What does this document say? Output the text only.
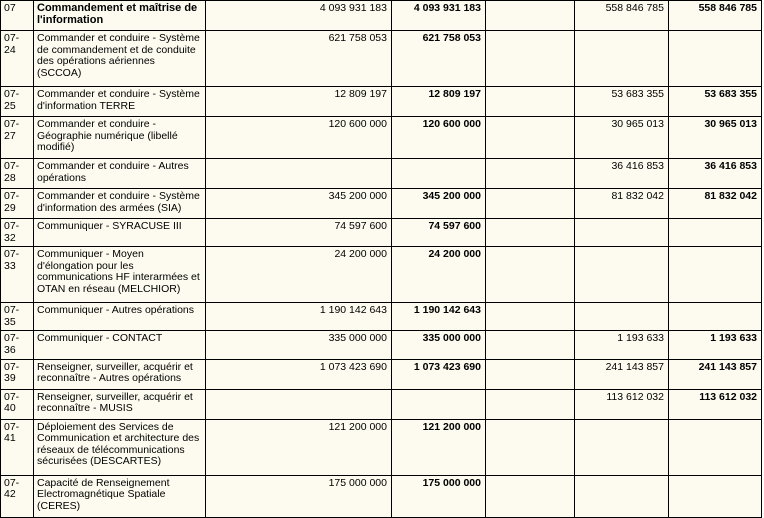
07	Commandement et maîtrise de l'information	4 093 931 183	4 093 931 183		558 846 785	558 846 785
07-24	Commander et conduire - Système de commandement et de conduite des opérations aériennes (SCCOA)	621 758 053	621 758 053			
07-25	Commander et conduire - Système d'information TERRE	12 809 197	12 809 197		53 683 355	53 683 355
07-27	Commander et conduire - Géographie numérique (libellé modifié)	120 600 000	120 600 000		30 965 013	30 965 013
07-28	Commander et conduire - Autres opérations				36 416 853	36 416 853
07-29	Commander et conduire - Système d'information des armées (SIA)	345 200 000	345 200 000		81 832 042	81 832 042
07-32	Communiquer - SYRACUSE III	74 597 600	74 597 600			
07-33	Communiquer - Moyen d'élongation pour les communications HF interarmées et OTAN en réseau (MELCHIOR)	24 200 000	24 200 000			
07-35	Communiquer - Autres opérations	1 190 142 643	1 190 142 643			
07-36	Communiquer - CONTACT	335 000 000	335 000 000		1 193 633	1 193 633
07-39	Renseigner, surveiller, acquérir et reconnaître - Autres opérations	1 073 423 690	1 073 423 690		241 143 857	241 143 857
07-40	Renseigner, surveiller, acquérir et reconnaître - MUSIS				113 612 032	113 612 032
07-41	Déploiement des Services de Communication et architecture des réseaux de télécommunications sécurisées (DESCARTES)	121 200 000	121 200 000			
07-42	Capacité de Renseignement Electromagnétique Spatiale (CERES)	175 000 000	175 000 000			
